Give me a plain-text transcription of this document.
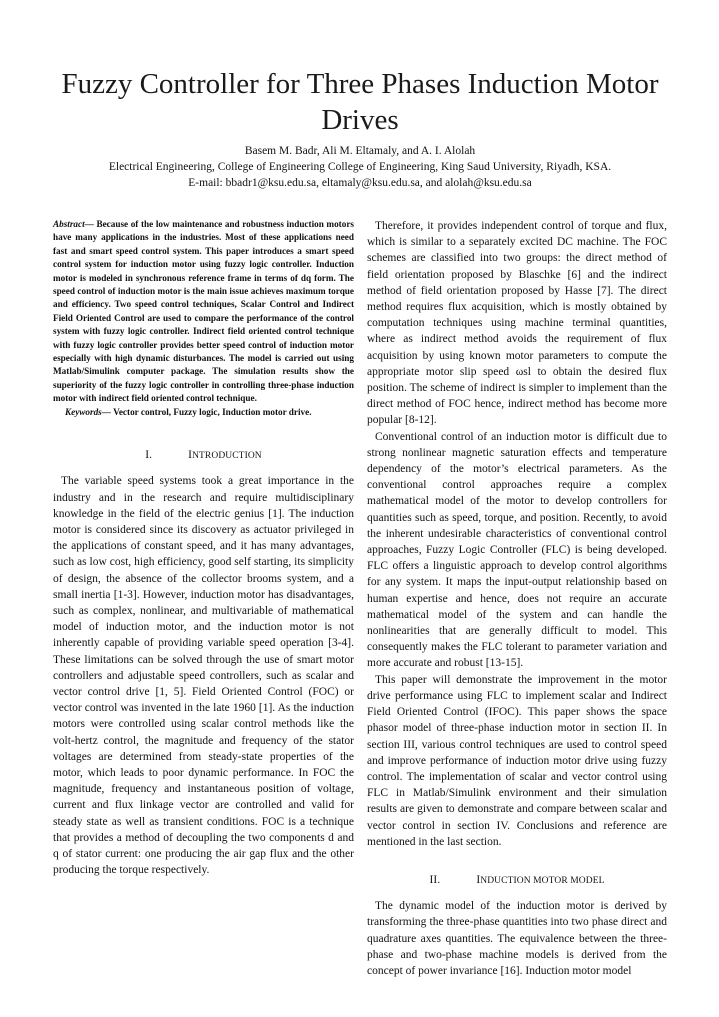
Fuzzy Controller for Three Phases Induction Motor Drives
Basem M. Badr, Ali M. Eltamaly, and A. I. Alolah
Electrical Engineering, College of Engineering College of Engineering, King Saud University, Riyadh, KSA.
E-mail: bbadr1@ksu.edu.sa, eltamaly@ksu.edu.sa, and alolah@ksu.edu.sa

Abstract— Because of the low maintenance and robustness induction motors have many applications in the industries. Most of these applications need fast and smart speed control system. This paper introduces a smart speed control system for induction motor using fuzzy logic controller. Induction motor is modeled in synchronous reference frame in terms of dq form. The speed control of induction motor is the main issue achieves maximum torque and efficiency. Two speed control techniques, Scalar Control and Indirect Field Oriented Control are used to compare the performance of the control system with fuzzy logic controller. Indirect field oriented control technique with fuzzy logic controller provides better speed control of induction motor especially with high dynamic disturbances. The model is carried out using Matlab/Simulink computer package. The simulation results show the superiority of the fuzzy logic controller in controlling three-phase induction motor with indirect field oriented control technique.

Keywords— Vector control, Fuzzy logic, Induction motor drive.

I.	INTRODUCTION

The variable speed systems took a great importance in the industry and in the research and require multidisciplinary knowledge in the field of the electric genius [1]. The induction motor is considered since its discovery as actuator privileged in the applications of constant speed, and it has many advantages, such as low cost, high efficiency, good self starting, its simplicity of design, the absence of the collector brooms system, and a small inertia [1-3]. However, induction motor has disadvantages, such as complex, nonlinear, and multivariable of mathematical model of induction motor, and the induction motor is not inherently capable of providing variable speed operation [3-4]. These limitations can be solved through the use of smart motor controllers and adjustable speed controllers, such as scalar and vector control drive [1, 5]. Field Oriented Control (FOC) or vector control was invented in the late 1960 [1]. As the induction motors were controlled using scalar control methods like the volt-hertz control, the magnitude and frequency of the stator voltages are determined from steady-state properties of the motor, which leads to poor dynamic performance. In FOC the magnitude, frequency and instantaneous position of voltage, current and flux linkage vector are controlled and valid for steady state as well as transient conditions. FOC is a technique that provides a method of decoupling the two components d and q of stator current: one producing the air gap flux and the other producing the torque respectively.

Therefore, it provides independent control of torque and flux, which is similar to a separately excited DC machine. The FOC schemes are classified into two groups: the direct method of field orientation proposed by Blaschke [6] and the indirect method of field orientation proposed by Hasse [7]. The direct method requires flux acquisition, which is mostly obtained by computation techniques using machine terminal quantities, where as indirect method avoids the requirement of flux acquisition by using known motor parameters to compute the appropriate motor slip speed ωsl to obtain the desired flux position. The scheme of indirect is simpler to implement than the direct method of FOC hence, indirect method has become more popular [8-12].

Conventional control of an induction motor is difficult due to strong nonlinear magnetic saturation effects and temperature dependency of the motor’s electrical parameters. As the conventional control approaches require a complex mathematical model of the motor to develop controllers for quantities such as speed, torque, and position. Recently, to avoid the inherent undesirable characteristics of conventional control approaches, Fuzzy Logic Controller (FLC) is being developed. FLC offers a linguistic approach to develop control algorithms for any system. It maps the input-output relationship based on human expertise and hence, does not require an accurate mathematical model of the system and can handle the nonlinearities that are generally difficult to model. This consequently makes the FLC tolerant to parameter variation and more accurate and robust [13-15].

This paper will demonstrate the improvement in the motor drive performance using FLC to implement scalar and Indirect Field Oriented Control (IFOC). This paper shows the space phasor model of three-phase induction motor in section II. In section III, various control techniques are used to control speed and improve performance of induction motor drive using fuzzy control. The implementation of scalar and vector control using FLC in Matlab/Simulink environment and their simulation results are given to demonstrate and compare between scalar and vector control in section IV. Conclusions and reference are mentioned in the last section.

II.	INDUCTION MOTOR MODEL

The dynamic model of the induction motor is derived by transforming the three-phase quantities into two phase direct and quadrature axes quantities. The equivalence between the three-phase and two-phase machine models is derived from the concept of power invariance [16]. Induction motor model
